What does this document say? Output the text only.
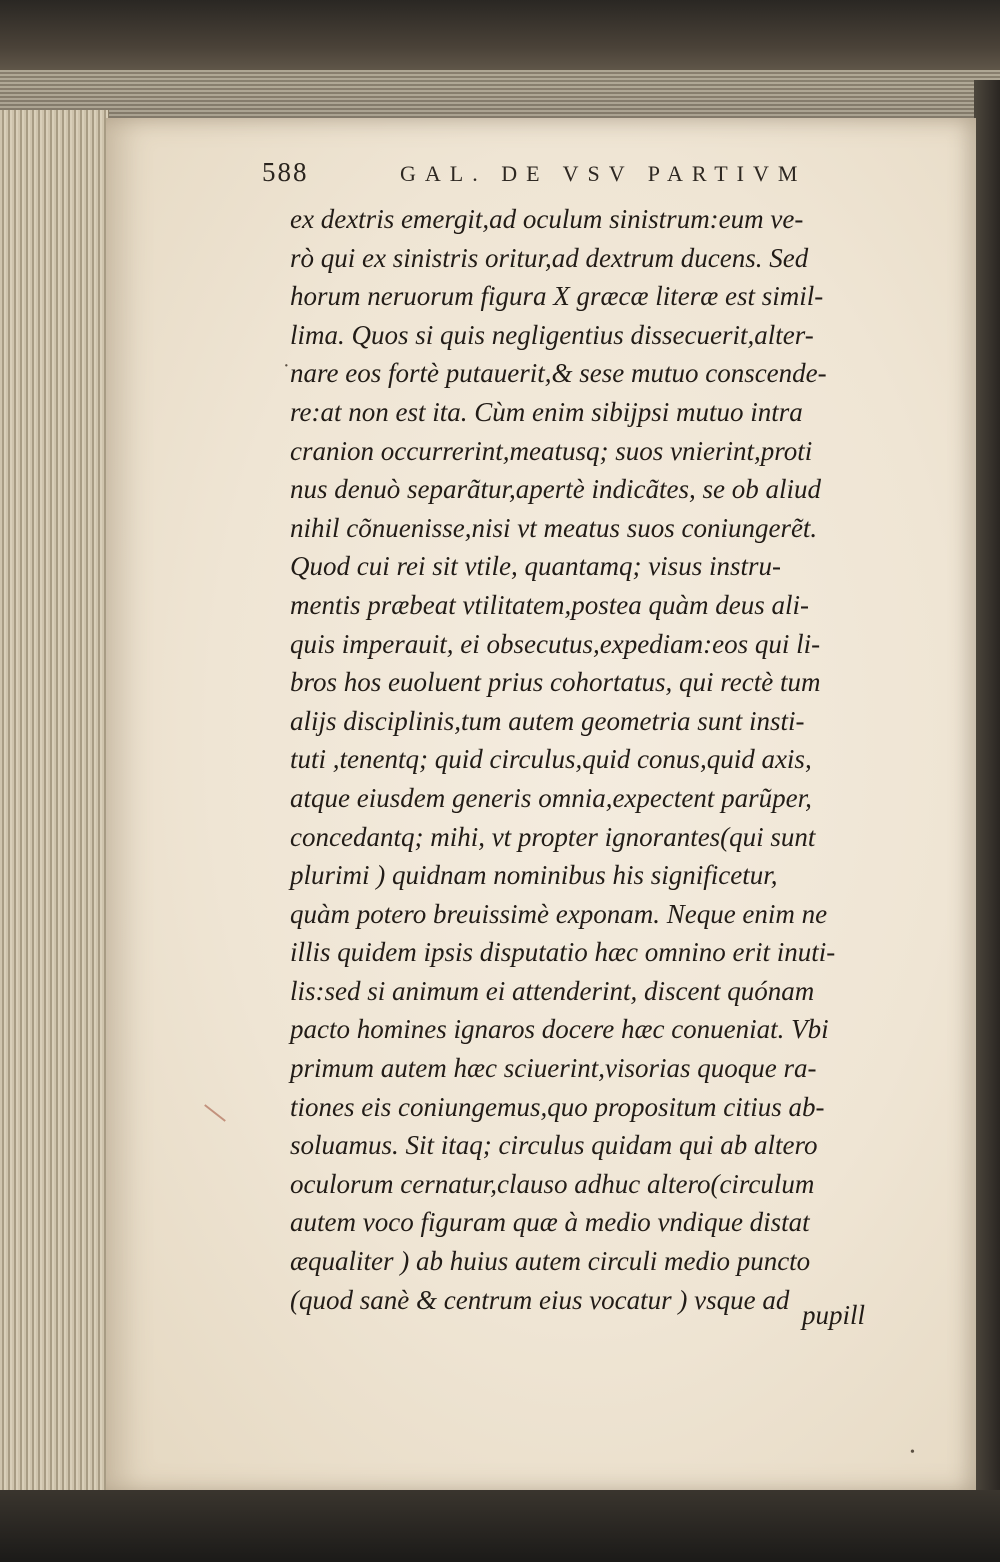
588	GAL. DE VSV PARTIVM
·
•
ex dextris emergit,ad oculum sinistrum:eum ve-
rò qui ex sinistris oritur,ad dextrum ducens. Sed
horum neruorum figura X græcæ literæ est simil-
lima. Quos si quis negligentius dissecuerit,alter-
nare eos fortè putauerit,& sese mutuo conscende-
re:at non est ita. Cùm enim sibijpsi mutuo intra
cranion occurrerint,meatusq; suos vnierint,proti
nus denuò separãtur,apertè indicãtes, se ob aliud
nihil cõnuenisse,nisi vt meatus suos coniungerẽt.
Quod cui rei sit vtile, quantamq; visus instru-
mentis præbeat vtilitatem,postea quàm deus ali-
quis imperauit, ei obsecutus,expediam:eos qui li-
bros hos euoluent prius cohortatus, qui rectè tum
alijs disciplinis,tum autem geometria sunt insti-
tuti ,tenentq; quid circulus,quid conus,quid axis,
atque eiusdem generis omnia,expectent parũper,
concedantq; mihi, vt propter ignorantes(qui sunt
plurimi ) quidnam nominibus his significetur,
quàm potero breuissimè exponam. Neque enim ne
illis quidem ipsis disputatio hæc omnino erit inuti-
lis:sed si animum ei attenderint, discent quónam
pacto homines ignaros docere hæc conueniat. Vbi
primum autem hæc sciuerint,visorias quoque ra-
tiones eis coniungemus,quo propositum citius ab-
soluamus. Sit itaq; circulus quidam qui ab altero
oculorum cernatur,clauso adhuc altero(circulum
autem voco figuram quæ à medio vndique distat
æqualiter ) ab huius autem circuli medio puncto
(quod sanè & centrum eius vocatur ) vsque ad
pupill
